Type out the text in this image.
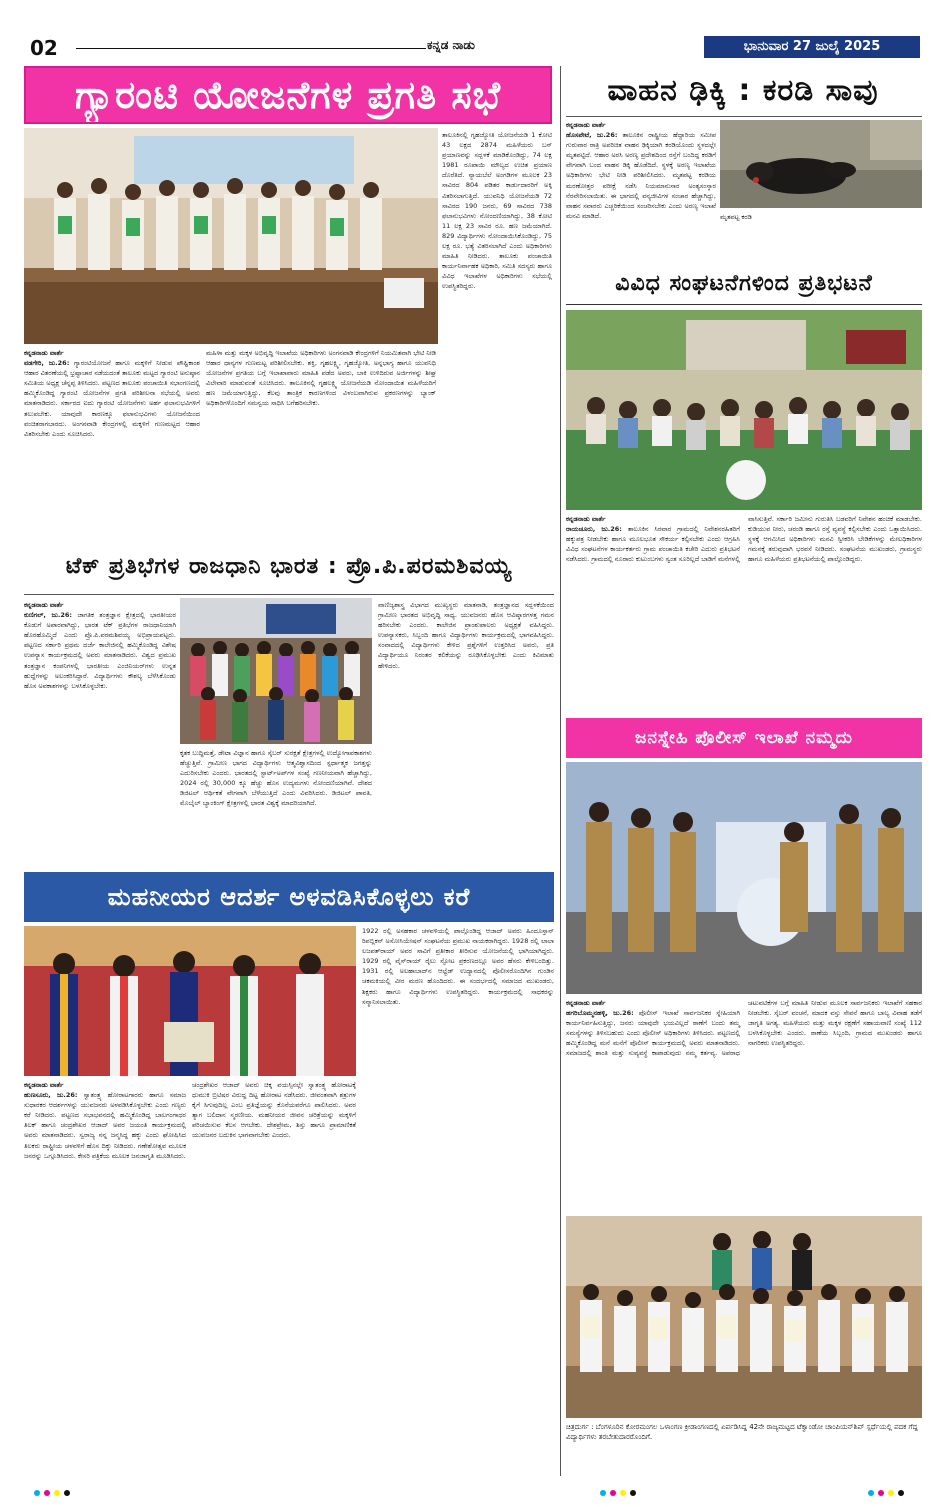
02	ಕನ್ನಡ ನಾಡು	ಭಾನುವಾರ 27 ಜುಲೈ 2025
ಗ್ಯಾರಂಟಿ ಯೋಜನೆಗಳ ಪ್ರಗತಿ ಸಭೆ

ತಾಲೂಕಿನಲ್ಲಿ ಗೃಹಜ್ಯೋತಿ ಯೋಜನೆಯಡಿ 1 ಕೋಟಿ 43 ಲಕ್ಷದ 2874 ಮಹಿಳೆಯರು ಬಸ್ ಪ್ರಯಾಣವನ್ನು ಸದ್ಬಳಕೆ ಮಾಡಿಕೊಂಡಿದ್ದು, 74 ಲಕ್ಷ 1981 ರೂಪಾಯಿ ಮೌಲ್ಯದ ಉಚಿತ ಪ್ರಯಾಣ ದೊರೆತಿದೆ. ನ್ಯಾಯಬೆಲೆ ಅಂಗಡಿಗಳ ಮೂಲಕ 23 ಸಾವಿರದ 804 ಪಡಿತರ ಕಾರ್ಡುದಾರರಿಗೆ ಅಕ್ಕಿ ವಿತರಿಸಲಾಗುತ್ತಿದೆ. ಯುವನಿಧಿ ಯೋಜನೆಯಡಿ 72 ಸಾವಿರದ 190 ಜನರು, 69 ಸಾವಿರದ 738 ಫಲಾನುಭವಿಗಳು ನೋಂದಣಿಯಾಗಿದ್ದು, 38 ಕೋಟಿ 11 ಲಕ್ಷ 23 ಸಾವಿರ ರೂ. ಹಣ ಜಮೆಯಾಗಿದೆ. 829 ವಿದ್ಯಾರ್ಥಿಗಳು ನೋಂದಾಯಿಸಿಕೊಂಡಿದ್ದು, 75 ಲಕ್ಷ ರೂ. ಭತ್ಯೆ ವಿತರಿಸಲಾಗಿದೆ ಎಂದು ಅಧಿಕಾರಿಗಳು ಮಾಹಿತಿ ನೀಡಿದರು. ತಾಲೂಕು ಪಂಚಾಯಿತಿ ಕಾರ್ಯನಿರ್ವಾಹಕ ಅಧಿಕಾರಿ, ಸಮಿತಿ ಸದಸ್ಯರು ಹಾಗೂ ವಿವಿಧ ಇಲಾಖೆಗಳ ಅಧಿಕಾರಿಗಳು ಸಭೆಯಲ್ಲಿ ಉಪಸ್ಥಿತರಿದ್ದರು.

ಕನ್ನಡನಾಡು ವಾರ್ತೆ
ವಡಗೇರಿ, ಜು.26: ಗ್ಯಾರಂಟಿಯೋಜನೆ ಹಾಗೂ ಮಕ್ಕಳಿಗೆ ನೀಡುವ ಪೌಷ್ಟಿಕಾಂಶ ಆಹಾರ ವಿತರಣೆಯಲ್ಲಿ ಭ್ರಷ್ಟಾಚಾರ ನಡೆಯದಂತೆ ತಾಲೂಕು ಮಟ್ಟದ ಗ್ಯಾರಂಟಿ ಅನುಷ್ಠಾನ ಸಮಿತಿಯ ಅಧ್ಯಕ್ಷ ಚೆನ್ನಪ್ಪ ತಿಳಿಸಿದರು. ಪಟ್ಟಣದ ತಾಲೂಕು ಪಂಚಾಯಿತಿ ಸಭಾಂಗಣದಲ್ಲಿ ಹಮ್ಮಿಕೊಂಡಿದ್ದ ಗ್ಯಾರಂಟಿ ಯೋಜನೆಗಳ ಪ್ರಗತಿ ಪರಿಶೀಲನಾ ಸಭೆಯಲ್ಲಿ ಅವರು ಮಾತನಾಡಿದರು. ಸರ್ಕಾರದ ಐದು ಗ್ಯಾರಂಟಿ ಯೋಜನೆಗಳು ಅರ್ಹ ಫಲಾನುಭವಿಗಳಿಗೆ ತಲುಪಬೇಕು. ಯಾವುದೇ ಕಾರಣಕ್ಕೂ ಫಲಾನುಭವಿಗಳು ಯೋಜನೆಯಿಂದ ವಂಚಿತರಾಗಬಾರದು. ಅಂಗನವಾಡಿ ಕೇಂದ್ರಗಳಲ್ಲಿ ಮಕ್ಕಳಿಗೆ ಗುಣಮಟ್ಟದ ಆಹಾರ ವಿತರಿಸಬೇಕು ಎಂದು ಸೂಚಿಸಿದರು.

ಮಹಿಳಾ ಮತ್ತು ಮಕ್ಕಳ ಅಭಿವೃದ್ಧಿ ಇಲಾಖೆಯ ಅಧಿಕಾರಿಗಳು ಅಂಗನವಾಡಿ ಕೇಂದ್ರಗಳಿಗೆ ನಿಯಮಿತವಾಗಿ ಭೇಟಿ ನೀಡಿ ಆಹಾರ ಧಾನ್ಯಗಳ ಗುಣಮಟ್ಟ ಪರಿಶೀಲಿಸಬೇಕು. ಶಕ್ತಿ, ಗೃಹಲಕ್ಷ್ಮಿ, ಗೃಹಜ್ಯೋತಿ, ಅನ್ನಭಾಗ್ಯ ಹಾಗೂ ಯುವನಿಧಿ ಯೋಜನೆಗಳ ಪ್ರಗತಿಯ ಬಗ್ಗೆ ಇಲಾಖಾವಾರು ಮಾಹಿತಿ ಪಡೆದ ಅವರು, ಬಾಕಿ ಉಳಿದಿರುವ ಅರ್ಜಿಗಳನ್ನು ಶೀಘ್ರ ವಿಲೇವಾರಿ ಮಾಡುವಂತೆ ಸೂಚಿಸಿದರು. ತಾಲೂಕಿನಲ್ಲಿ ಗೃಹಲಕ್ಷ್ಮಿ ಯೋಜನೆಯಡಿ ನೋಂದಾಯಿತ ಮಹಿಳೆಯರಿಗೆ ಹಣ ಜಮೆಯಾಗುತ್ತಿದ್ದು, ಕೆಲವು ತಾಂತ್ರಿಕ ಕಾರಣಗಳಿಂದ ವಿಳಂಬವಾಗಿರುವ ಪ್ರಕರಣಗಳನ್ನು ಬ್ಯಾಂಕ್ ಅಧಿಕಾರಿಗಳೊಂದಿಗೆ ಸಮನ್ವಯ ಸಾಧಿಸಿ ಬಗೆಹರಿಸಬೇಕು.

ವಾಹನ ಢಿಕ್ಕಿ : ಕರಡಿ ಸಾವು

ಕನ್ನಡನಾಡು ವಾರ್ತೆ
ಹೊಸಪೇಟೆ, ಜು.26: ತಾಲೂಕಿನ ರಾಷ್ಟ್ರೀಯ ಹೆದ್ದಾರಿಯ ಸಮೀಪ ಗುರುವಾರ ರಾತ್ರಿ ಅಪರಿಚಿತ ವಾಹನ ಢಿಕ್ಕಿಯಾಗಿ ಕರಡಿಯೊಂದು ಸ್ಥಳದಲ್ಲೇ ಮೃತಪಟ್ಟಿದೆ. ಆಹಾರ ಅರಸಿ ಅರಣ್ಯ ಪ್ರದೇಶದಿಂದ ರಸ್ತೆಗೆ ಬಂದಿದ್ದ ಕರಡಿಗೆ ವೇಗವಾಗಿ ಬಂದ ವಾಹನ ಡಿಕ್ಕಿ ಹೊಡೆದಿದೆ. ಸ್ಥಳಕ್ಕೆ ಅರಣ್ಯ ಇಲಾಖೆಯ ಅಧಿಕಾರಿಗಳು ಭೇಟಿ ನೀಡಿ ಪರಿಶೀಲಿಸಿದರು. ಮೃತಪಟ್ಟ ಕರಡಿಯ ಮರಣೋತ್ತರ ಪರೀಕ್ಷೆ ನಡೆಸಿ ನಿಯಮಾನುಸಾರ ಅಂತ್ಯಸಂಸ್ಕಾರ ನೆರವೇರಿಸಲಾಯಿತು. ಈ ಭಾಗದಲ್ಲಿ ವನ್ಯಜೀವಿಗಳ ಸಂಚಾರ ಹೆಚ್ಚಾಗಿದ್ದು, ವಾಹನ ಸವಾರರು ಎಚ್ಚರಿಕೆಯಿಂದ ಸಂಚರಿಸಬೇಕು ಎಂದು ಅರಣ್ಯ ಇಲಾಖೆ ಮನವಿ ಮಾಡಿದೆ.	ಮೃತಪಟ್ಟ ಕರಡಿ

ವಿವಿಧ ಸಂಘಟನೆಗಳಿಂದ ಪ್ರತಿಭಟನೆ

ಕನ್ನಡನಾಡು ವಾರ್ತೆ
ರಾಯಚೂರು, ಜು.26: ತಾಲೂಕಿನ ಸಿರವಾರ ಗ್ರಾಮದಲ್ಲಿ ನಿವೇಶನರಹಿತರಿಗೆ ಹಕ್ಕುಪತ್ರ ನೀಡಬೇಕು ಹಾಗೂ ಮೂಲಭೂತ ಸೌಕರ್ಯ ಕಲ್ಪಿಸಬೇಕು ಎಂದು ಆಗ್ರಹಿಸಿ ವಿವಿಧ ಸಂಘಟನೆಗಳ ಕಾರ್ಯಕರ್ತರು ಗ್ರಾಮ ಪಂಚಾಯಿತಿ ಕಚೇರಿ ಎದುರು ಪ್ರತಿಭಟನೆ ನಡೆಸಿದರು. ಗ್ರಾಮದಲ್ಲಿ ನೂರಾರು ಕುಟುಂಬಗಳು ಸ್ವಂತ ಸೂರಿಲ್ಲದೆ ಬಾಡಿಗೆ ಮನೆಗಳಲ್ಲಿ ವಾಸಿಸುತ್ತಿವೆ. ಸರ್ಕಾರಿ ಜಮೀನು ಗುರುತಿಸಿ ಬಡವರಿಗೆ ನಿವೇಶನ ಹಂಚಿಕೆ ಮಾಡಬೇಕು. ಕುಡಿಯುವ ನೀರು, ಚರಂಡಿ ಹಾಗೂ ರಸ್ತೆ ವ್ಯವಸ್ಥೆ ಕಲ್ಪಿಸಬೇಕು ಎಂದು ಒತ್ತಾಯಿಸಿದರು. ಸ್ಥಳಕ್ಕೆ ಆಗಮಿಸಿದ ಅಧಿಕಾರಿಗಳು ಮನವಿ ಸ್ವೀಕರಿಸಿ ಬೇಡಿಕೆಗಳನ್ನು ಮೇಲಧಿಕಾರಿಗಳ ಗಮನಕ್ಕೆ ತರುವುದಾಗಿ ಭರವಸೆ ನೀಡಿದರು. ಸಂಘಟನೆಯ ಮುಖಂಡರು, ಗ್ರಾಮಸ್ಥರು ಹಾಗೂ ಮಹಿಳೆಯರು ಪ್ರತಿಭಟನೆಯಲ್ಲಿ ಪಾಲ್ಗೊಂಡಿದ್ದರು.

ಟೆಕ್ ಪ್ರತಿಭೆಗಳ ರಾಜಧಾನಿ ಭಾರತ : ಪ್ರೊ.ಪಿ.ಪರಮಶಿವಯ್ಯ

ಕನ್ನಡನಾಡು ವಾರ್ತೆ
ಕುಣಿಗಲ್, ಜು.26: ಜಾಗತಿಕ ತಂತ್ರಜ್ಞಾನ ಕ್ಷೇತ್ರದಲ್ಲಿ ಭಾರತೀಯರ ಕೊಡುಗೆ ಅಪಾರವಾಗಿದ್ದು, ಭಾರತ ಟೆಕ್ ಪ್ರತಿಭೆಗಳ ರಾಜಧಾನಿಯಾಗಿ ಹೊರಹೊಮ್ಮಿದೆ ಎಂದು ಪ್ರೊ.ಪಿ.ಪರಮಶಿವಯ್ಯ ಅಭಿಪ್ರಾಯಪಟ್ಟರು. ಪಟ್ಟಣದ ಸರ್ಕಾರಿ ಪ್ರಥಮ ದರ್ಜೆ ಕಾಲೇಜಿನಲ್ಲಿ ಹಮ್ಮಿಕೊಂಡಿದ್ದ ವಿಶೇಷ ಉಪನ್ಯಾಸ ಕಾರ್ಯಕ್ರಮದಲ್ಲಿ ಅವರು ಮಾತನಾಡಿದರು. ವಿಶ್ವದ ಪ್ರಮುಖ ತಂತ್ರಜ್ಞಾನ ಕಂಪನಿಗಳಲ್ಲಿ ಭಾರತೀಯ ಎಂಜಿನಿಯರ್‌ಗಳು ಉನ್ನತ ಹುದ್ದೆಗಳನ್ನು ಅಲಂಕರಿಸಿದ್ದಾರೆ. ವಿದ್ಯಾರ್ಥಿಗಳು ಕೌಶಲ್ಯ ಬೆಳೆಸಿಕೊಂಡು ಹೊಸ ಅವಕಾಶಗಳನ್ನು ಬಳಸಿಕೊಳ್ಳಬೇಕು.

ಕೃತಕ ಬುದ್ಧಿಮತ್ತೆ, ಡೇಟಾ ವಿಜ್ಞಾನ ಹಾಗೂ ಸೈಬರ್ ಸುರಕ್ಷತೆ ಕ್ಷೇತ್ರಗಳಲ್ಲಿ ಉದ್ಯೋಗಾವಕಾಶಗಳು ಹೆಚ್ಚುತ್ತಿವೆ. ಗ್ರಾಮೀಣ ಭಾಗದ ವಿದ್ಯಾರ್ಥಿಗಳು ಆತ್ಮವಿಶ್ವಾಸದಿಂದ ಸ್ಪರ್ಧಾತ್ಮಕ ಜಗತ್ತನ್ನು ಎದುರಿಸಬೇಕು ಎಂದರು. ಭಾರತದಲ್ಲಿ ಸ್ಟಾರ್ಟ್‌ಅಪ್‌ಗಳ ಸಂಖ್ಯೆ ಗಣನೀಯವಾಗಿ ಹೆಚ್ಚಾಗಿದ್ದು, 2024 ರಲ್ಲಿ 30,000 ಕ್ಕೂ ಹೆಚ್ಚು ಹೊಸ ಉದ್ಯಮಗಳು ನೋಂದಣಿಯಾಗಿವೆ. ದೇಶದ ಡಿಜಿಟಲ್ ಆರ್ಥಿಕತೆ ವೇಗವಾಗಿ ಬೆಳೆಯುತ್ತಿದೆ ಎಂದು ವಿವರಿಸಿದರು. ಡಿಜಿಟಲ್ ಪಾವತಿ, ಮೊಬೈಲ್ ಬ್ಯಾಂಕಿಂಗ್ ಕ್ಷೇತ್ರಗಳಲ್ಲಿ ಭಾರತ ವಿಶ್ವಕ್ಕೆ ಮಾದರಿಯಾಗಿದೆ.

ವಾಣಿಜ್ಯಶಾಸ್ತ್ರ ವಿಭಾಗದ ಮುಖ್ಯಸ್ಥರು ಮಾತನಾಡಿ, ತಂತ್ರಜ್ಞಾನದ ಸದ್ಬಳಕೆಯಿಂದ ಗ್ರಾಮೀಣ ಭಾರತದ ಅಭಿವೃದ್ಧಿ ಸಾಧ್ಯ. ಯುವಜನರು ಹೊಸ ಆವಿಷ್ಕಾರಗಳತ್ತ ಗಮನ ಹರಿಸಬೇಕು ಎಂದರು. ಕಾಲೇಜಿನ ಪ್ರಾಂಶುಪಾಲರು ಅಧ್ಯಕ್ಷತೆ ವಹಿಸಿದ್ದರು. ಉಪನ್ಯಾಸಕರು, ಸಿಬ್ಬಂದಿ ಹಾಗೂ ವಿದ್ಯಾರ್ಥಿಗಳು ಕಾರ್ಯಕ್ರಮದಲ್ಲಿ ಭಾಗವಹಿಸಿದ್ದರು. ಸಂವಾದದಲ್ಲಿ ವಿದ್ಯಾರ್ಥಿಗಳು ಕೇಳಿದ ಪ್ರಶ್ನೆಗಳಿಗೆ ಉತ್ತರಿಸಿದ ಅವರು, ಪ್ರತಿ ವಿದ್ಯಾರ್ಥಿಯೂ ನಿರಂತರ ಕಲಿಕೆಯನ್ನು ರೂಢಿಸಿಕೊಳ್ಳಬೇಕು ಎಂದು ಕಿವಿಮಾತು ಹೇಳಿದರು.

ಜನಸ್ನೇಹಿ ಪೊಲೀಸ್ ಇಲಾಖೆ ನಮ್ಮದು

ಕನ್ನಡನಾಡು ವಾರ್ತೆ
ಹಗರಿಬೊಮ್ಮನಹಳ್ಳಿ, ಜು.26: ಪೊಲೀಸ್ ಇಲಾಖೆ ಸಾರ್ವಜನಿಕರ ಸ್ನೇಹಿಯಾಗಿ ಕಾರ್ಯನಿರ್ವಹಿಸುತ್ತಿದ್ದು, ಜನರು ಯಾವುದೇ ಭಯವಿಲ್ಲದೆ ಠಾಣೆಗೆ ಬಂದು ತಮ್ಮ ಸಮಸ್ಯೆಗಳನ್ನು ತಿಳಿಸಬಹುದು ಎಂದು ಪೊಲೀಸ್ ಅಧಿಕಾರಿಗಳು ತಿಳಿಸಿದರು. ಪಟ್ಟಣದಲ್ಲಿ ಹಮ್ಮಿಕೊಂಡಿದ್ದ ಮನೆ ಮನೆಗೆ ಪೊಲೀಸ್ ಕಾರ್ಯಕ್ರಮದಲ್ಲಿ ಅವರು ಮಾತನಾಡಿದರು. ಸಮಾಜದಲ್ಲಿ ಶಾಂತಿ ಮತ್ತು ಸುವ್ಯವಸ್ಥೆ ಕಾಪಾಡುವುದು ನಮ್ಮ ಕರ್ತವ್ಯ. ಅಪರಾಧ ಚಟುವಟಿಕೆಗಳ ಬಗ್ಗೆ ಮಾಹಿತಿ ನೀಡುವ ಮೂಲಕ ಸಾರ್ವಜನಿಕರು ಇಲಾಖೆಗೆ ಸಹಕಾರ ನೀಡಬೇಕು. ಸೈಬರ್ ವಂಚನೆ, ಮಾದಕ ವಸ್ತು ಸೇವನೆ ಹಾಗೂ ಬಾಲ್ಯ ವಿವಾಹ ತಡೆಗೆ ಜಾಗೃತಿ ಅಗತ್ಯ. ಮಹಿಳೆಯರು ಮತ್ತು ಮಕ್ಕಳ ರಕ್ಷಣೆಗೆ ಸಹಾಯವಾಣಿ ಸಂಖ್ಯೆ 112 ಬಳಸಿಕೊಳ್ಳಬೇಕು ಎಂದರು. ಠಾಣೆಯ ಸಿಬ್ಬಂದಿ, ಗ್ರಾಮದ ಮುಖಂಡರು ಹಾಗೂ ನಾಗರಿಕರು ಉಪಸ್ಥಿತರಿದ್ದರು.

ಚಿತ್ರದುರ್ಗ : ಬೆಂಗಳೂರಿನ ಕೋರಮಂಗಲ ಒಳಾಂಗಣ ಕ್ರೀಡಾಂಗಣದಲ್ಲಿ ಏರ್ಪಡಿಸಿದ್ದ 42ನೇ ರಾಜ್ಯಮಟ್ಟದ ಟೆಕ್ವಾಂಡೋ ಚಾಂಪಿಯನ್‌ಶಿಪ್ ಸ್ಪರ್ಧೆಯಲ್ಲಿ ಪದಕ ಗೆದ್ದ ವಿದ್ಯಾರ್ಥಿಗಳು ತರಬೇತುದಾರರೊಂದಿಗೆ.
ಮಹನೀಯರ ಆದರ್ಶ ಅಳವಡಿಸಿಕೊಳ್ಳಲು ಕರೆ

ಕನ್ನಡನಾಡು ವಾರ್ತೆ
ಹುಣಸೂರು, ಜು.26: ಸ್ವಾತಂತ್ರ್ಯ ಹೋರಾಟಗಾರರು ಹಾಗೂ ಸಮಾಜ ಸುಧಾರಕರ ಆದರ್ಶಗಳನ್ನು ಯುವಜನರು ಅಳವಡಿಸಿಕೊಳ್ಳಬೇಕು ಎಂದು ಗಣ್ಯರು ಕರೆ ನೀಡಿದರು. ಪಟ್ಟಣದ ಸಭಾಭವನದಲ್ಲಿ ಹಮ್ಮಿಕೊಂಡಿದ್ದ ಬಾಲಗಂಗಾಧರ ತಿಲಕ್ ಹಾಗೂ ಚಂದ್ರಶೇಖರ ಆಜಾದ್ ಅವರ ಜಯಂತಿ ಕಾರ್ಯಕ್ರಮದಲ್ಲಿ ಅವರು ಮಾತನಾಡಿದರು. ಸ್ವರಾಜ್ಯ ನನ್ನ ಜನ್ಮಸಿದ್ಧ ಹಕ್ಕು ಎಂದು ಘೋಷಿಸಿದ ತಿಲಕರು ರಾಷ್ಟ್ರೀಯ ಚಳವಳಿಗೆ ಹೊಸ ದಿಕ್ಕು ನೀಡಿದರು. ಗಣೇಶೋತ್ಸವ ಮೂಲಕ ಜನರನ್ನು ಒಗ್ಗೂಡಿಸಿದರು. ಕೇಸರಿ ಪತ್ರಿಕೆಯ ಮೂಲಕ ಜನಜಾಗೃತಿ ಮೂಡಿಸಿದರು.

ಚಂದ್ರಶೇಖರ ಆಜಾದ್ ಅವರು ಚಿಕ್ಕ ವಯಸ್ಸಿನಲ್ಲೇ ಸ್ವಾತಂತ್ರ್ಯ ಹೋರಾಟಕ್ಕೆ ಧುಮುಕಿ ಬ್ರಿಟಿಷರ ವಿರುದ್ಧ ದಿಟ್ಟ ಹೋರಾಟ ನಡೆಸಿದರು. ಜೀವಂತವಾಗಿ ಶತ್ರುಗಳ ಕೈಗೆ ಸಿಗುವುದಿಲ್ಲ ಎಂಬ ಪ್ರತಿಜ್ಞೆಯನ್ನು ಕೊನೆಯವರೆಗೂ ಪಾಲಿಸಿದರು. ಅವರ ತ್ಯಾಗ ಬಲಿದಾನ ಸ್ಮರಣೀಯ. ಮಹನೀಯರ ಜೀವನ ಚರಿತ್ರೆಯನ್ನು ಮಕ್ಕಳಿಗೆ ಪರಿಚಯಿಸುವ ಕೆಲಸ ಆಗಬೇಕು. ದೇಶಪ್ರೇಮ, ಶಿಸ್ತು ಹಾಗೂ ಪ್ರಾಮಾಣಿಕತೆ ಯುವಜನರ ಬದುಕಿನ ಭಾಗವಾಗಬೇಕು ಎಂದರು.

1922 ರಲ್ಲಿ ಅಸಹಕಾರ ಚಳವಳಿಯಲ್ಲಿ ಪಾಲ್ಗೊಂಡಿದ್ದ ಆಜಾದ್ ಅವರು ಹಿಂದೂಸ್ತಾನ್ ರಿಪಬ್ಲಿಕನ್ ಅಸೋಸಿಯೇಷನ್ ಸಂಘಟನೆಯ ಪ್ರಮುಖ ನಾಯಕರಾಗಿದ್ದರು. 1928 ರಲ್ಲಿ ಲಾಲಾ ಲಜಪತ್‌ರಾಯ್ ಅವರ ಸಾವಿಗೆ ಪ್ರತೀಕಾರ ತೀರಿಸುವ ಯೋಜನೆಯಲ್ಲಿ ಭಾಗಿಯಾಗಿದ್ದರು. 1929 ರಲ್ಲಿ ವೈಸ್‌ರಾಯ್ ರೈಲು ಸ್ಫೋಟ ಪ್ರಕರಣದಲ್ಲೂ ಅವರ ಹೆಸರು ಕೇಳಿಬಂದಿತ್ತು. 1931 ರಲ್ಲಿ ಅಲಹಾಬಾದ್‌ನ ಆಲ್ಫ್ರೆಡ್ ಉದ್ಯಾನದಲ್ಲಿ ಪೊಲೀಸರೊಂದಿಗಿನ ಗುಂಡಿನ ಚಕಮಕಿಯಲ್ಲಿ ವೀರ ಮರಣ ಹೊಂದಿದರು. ಈ ಸಂದರ್ಭದಲ್ಲಿ ಸಮಾಜದ ಮುಖಂಡರು, ಶಿಕ್ಷಕರು ಹಾಗೂ ವಿದ್ಯಾರ್ಥಿಗಳು ಉಪಸ್ಥಿತರಿದ್ದರು. ಕಾರ್ಯಕ್ರಮದಲ್ಲಿ ಸಾಧಕರನ್ನು ಸನ್ಮಾನಿಸಲಾಯಿತು.
